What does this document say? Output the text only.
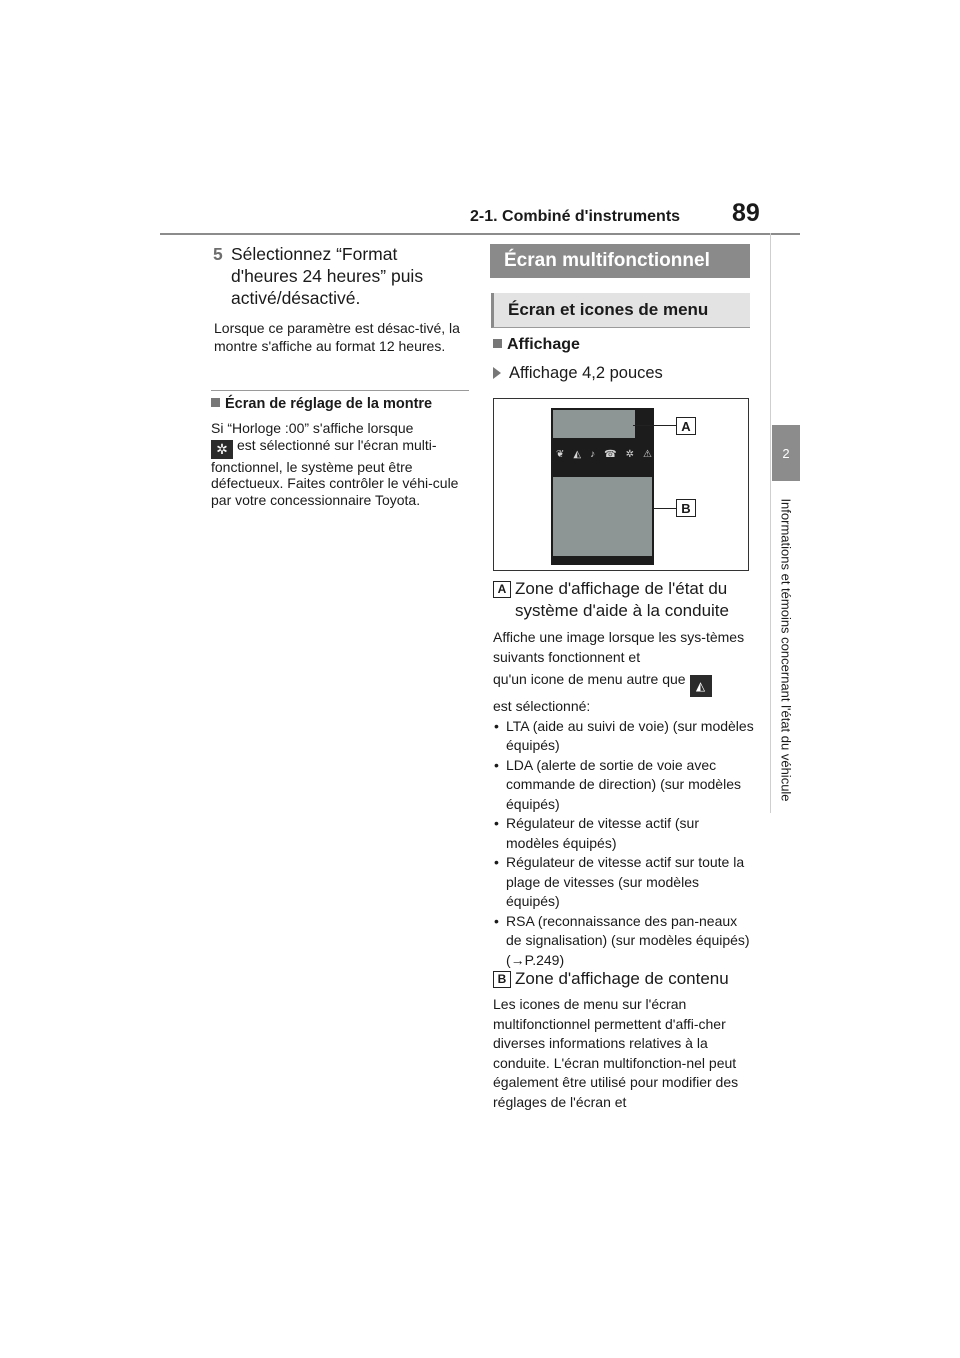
2-1. Combiné d'instruments 89
2
Informations et témoins concernant l'état du véhicule
5 Sélectionnez “Format d'heures 24 heures” puis activé/désactivé.
Lorsque ce paramètre est désac-tivé, la montre s'affiche au format 12 heures.
Écran de réglage de la montre

Si “Horloge :00” s'affiche lorsque

✲ est sélectionné sur l'écran multi-

fonctionnel, le système peut être défectueux. Faites contrôler le véhi-cule par votre concessionnaire Toyota.

Écran multifonctionnel
Écran et icones de menu
Affichage
Affichage 4,2 pouces
❦ ◭ ♪ ☎ ✲ ⚠
A
B
A Zone d'affichage de l'état du
système d'aide à la conduite

Affiche une image lorsque les sys-tèmes suivants fonctionnent et

qu'un icone de menu autre que ◭

est sélectionné:

• LTA (aide au suivi de voie) (sur modèles équipés)
• LDA (alerte de sortie de voie avec commande de direction) (sur modèles équipés)
• Régulateur de vitesse actif (sur modèles équipés)
• Régulateur de vitesse actif sur toute la plage de vitesses (sur modèles équipés)
• RSA (reconnaissance des pan-neaux de signalisation) (sur modèles équipés) (→P.249)
B Zone d'affichage de contenu
Les icones de menu sur l'écran multifonctionnel permettent d'affi-cher diverses informations relatives à la conduite. L'écran multifonction-nel peut également être utilisé pour modifier des réglages de l'écran et
